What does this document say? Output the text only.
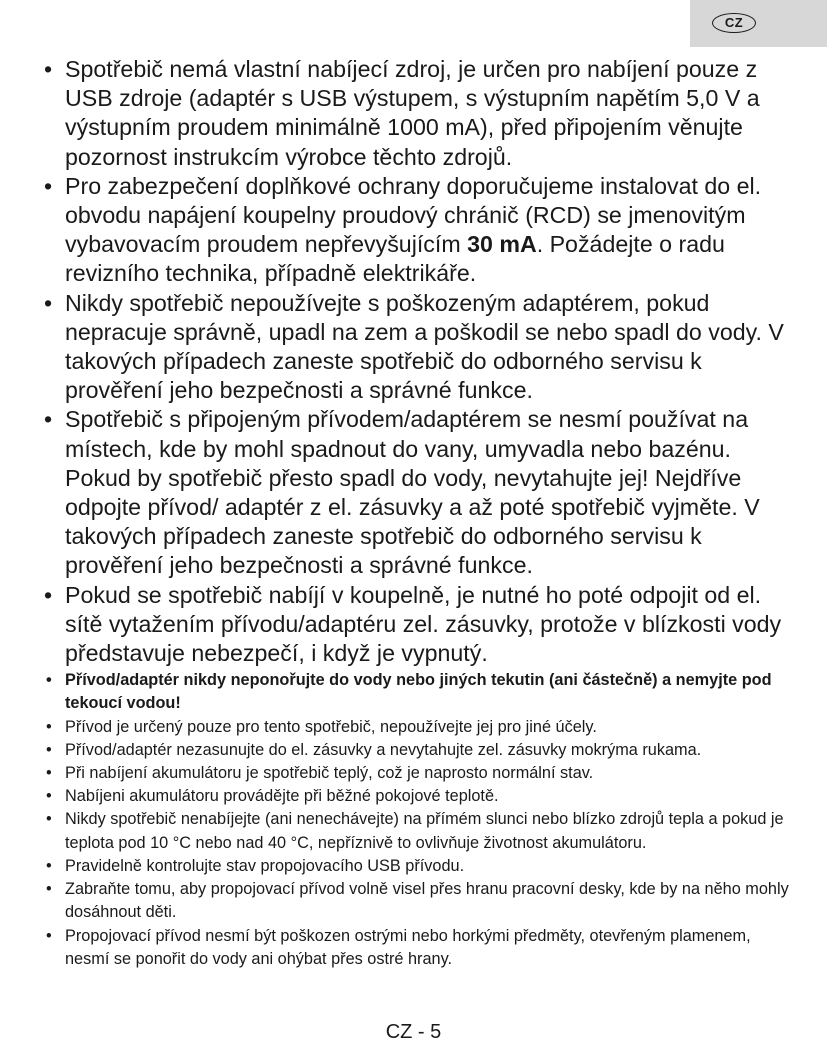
CZ
• Spotřebič nemá vlastní nabíjecí zdroj, je určen pro nabíjení pouze z USB zdroje (adaptér s USB výstupem, s výstupním napětím 5,0 V a výstupním proudem minimálně 1000 mA), před připojením věnujte pozornost instrukcím výrobce těchto zdrojů.
• Pro zabezpečení doplňkové ochrany doporučujeme instalovat do el. obvodu napájení koupelny proudový chránič (RCD) se jmenovitým vybavovacím proudem nepřevyšujícím 30 mA. Požádejte o radu revizního technika, případně elektrikáře.
• Nikdy spotřebič nepoužívejte s poškozeným adaptérem, pokud nepracuje správně, upadl na zem a poškodil se nebo spadl do vody. V takových případech zaneste spotřebič do odborného servisu k prověření jeho bezpečnosti a správné funkce.
• Spotřebič s připojeným přívodem/adaptérem se nesmí používat na místech, kde by mohl spadnout do vany, umyvadla nebo bazénu. Pokud by spotřebič přesto spadl do vody, nevytahujte jej! Nejdříve odpojte přívod/ adaptér z el. zásuvky a až poté spotřebič vyjměte. V takových případech zaneste spotřebič do odborného servisu k prověření jeho bezpečnosti a správné funkce.
• Pokud se spotřebič nabíjí v koupelně, je nutné ho poté odpojit od el. sítě vytažením přívodu/adaptéru zel. zásuvky, protože v blízkosti vody představuje nebezpečí, i když je vypnutý.
• Přívod/adaptér nikdy neponořujte do vody nebo jiných tekutin (ani částečně) a nemyjte pod tekoucí vodou!
• Přívod je určený pouze pro tento spotřebič, nepoužívejte jej pro jiné účely.
• Přívod/adaptér nezasunujte do el. zásuvky a nevytahujte zel. zásuvky mokrýma rukama.
• Při nabíjení akumulátoru je spotřebič teplý, což je naprosto normální stav.
• Nabíjeni akumulátoru provádějte při běžné pokojové teplotě.
• Nikdy spotřebič nenabíjejte (ani nenechávejte) na přímém slunci nebo blízko zdrojů tepla a pokud je teplota pod 10 °C nebo nad 40 °C, nepříznivě to ovlivňuje životnost akumulátoru.
• Pravidelně kontrolujte stav propojovacího USB přívodu.
• Zabraňte tomu, aby propojovací přívod volně visel přes hranu pracovní desky, kde by na něho mohly dosáhnout děti.
• Propojovací přívod nesmí být poškozen ostrými nebo horkými předměty, otevřeným plamenem, nesmí se ponořit do vody ani ohýbat přes ostré hrany.
CZ - 5
